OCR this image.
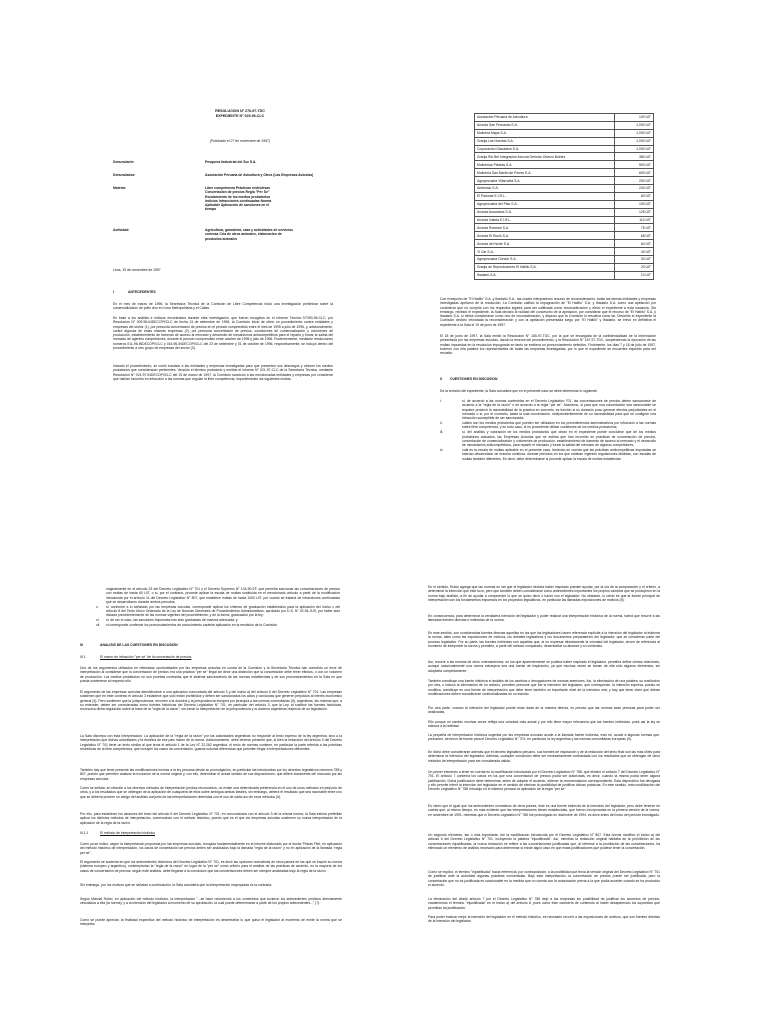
RESOLUCION N° 276-97-TDC
EXPEDIENTE N° 029-96-CLC
(Publicado el 27 de noviembre de 1997)
Denunciante:	Pesquera Industrial del Sur S.A.
Denunciados:	Asociación Peruana de Avicultura y Otros (Las Empresas Avícolas)
Materia:	Libre competencia Prácticas restrictivas Concertación de precios Regla "Per Se" Escalamiento de los medios probatorios Indicios Infracciones continuadas Norma Aplicable Aplicación de sanciones en el tiempo
Actividad:	Agricultura, ganadería, caza y actividades de servicios conexas Cría de otros animales, elaboración de productos animales
Lima, 19 de noviembre de 1997
I	ANTECEDENTES
En el mes de marzo de 1996, la Secretaría Técnica de la Comisión de Libre Competencia inició una investigación preliminar sobre la comercialización de pollo vivo en Lima Metropolitana y el Callao.
En base a los análisis e indicios encontrados durante esta investigación, que fueron recogidos en el Informe Técnico N°090-96-CLC, por Resolución N° 009-96-INDECOPI/CLC de fecha 13 de setiembre de 1996, la Comisión inició de oficio un procedimiento contra entidades y empresas del sector (1), por presunta concertación de precios en el periodo comprendido entre el mes de 1995 a julio de 1996, y, adicionalmente, contra algunas de estas mismas empresas (2), por presunta concertación de precios, condiciones de comercialización y volúmenes de producción, establecimiento de barreras de acceso al mercado y desarrollo de mecanismos anticompetitivos para el reparto y forzar la salida del mercado de agentes competidores, durante el periodo comprendido entre octubre de 1995 y julio de 1996. Posteriormente, mediante resoluciones números 011-96-INDECOPI/CLC y 015-96-INDECOPI/CLC del 23 de setiembre y 01 de octubre de 1996, respectivamente, se incluyó dentro del procedimiento a otro grupo de empresas del sector (3).
Iniciado el procedimiento, se corrió traslado a las entidades y empresas investigadas para que presenten sus descargos y ofrecen los medios probatorios que consideraran pertinentes. Vencido el término probatorio y emitido el Informe N° 021-97-CLC de la Secretaría Técnica, mediante Resolución N° 021-97-INDECOPI/CLC del 19 de marzo de 1997, la Comisión sancionó a las mencionadas entidades y empresas por considerar que habían incurrido en infracción a las normas que regulan la libre competencia, imponiéndoles las siguientes multas.
Asociación Peruana de Avicultura	100 UIT
Avícola San Fernando S.A.	1,000 UIT
Molinera Mapa S.A.	1,000 UIT
Granja Las Huertas S.A.	1,000 UIT
Corporación Gasolatos S.A.	1,000 UIT
Granja Rio Bel Integración Avícola Germán Orbezo Bulnes	384 UIT
Molinerías Piedras S.A.	500 UIT
Molinería San Martín de Porres S.A.	600 UIT
Agropecuaria Villarrubia S.A.	200 UIT
Ambrosio S.A.	240 UIT
El Palomar E.I.R.L.	60 UIT
Agropecuaria del Pilar S.A.	100 UIT
Avícola Asociados S.A.	125 UIT
Avícola Galeta E.I.R.L.	110 UIT
Avícola Rosman S.A.	75 UIT
Avícola El Roció S.A.	68 UIT
Avícola del Norte S.A.	64 UIT
Yl Car S.A.	40 UIT
Agropecuaria Cóndor S.A.	30 UIT
Granja de Reproductores El Hatillo S.A.	20 UIT
Ibadarlo S.A.	10 UIT
Con excepción de "El Hatillo" S.A. y Ibadarlo S.A., las cuales interpusieron recurso de reconsideración, todas las demás entidades y empresas investigadas apelaron de la resolución. La Comisión calificó la impugnación de "El Hatillo" S.A. y Ibadarlo S.A. como una apelación por considerar que no cumplía con los requisitos legales para ser calificada como reconsideración y elevó el expediente a esta instancia. Sin embargo, recibido el expediente, la Sala declaró la nulidad del concesorio de la apelación, por considerar que el recurso de "El Hatillo" S.A. y Ibadarlo S.A. sí debía considerarse como uno de reconsideración, y dispuso que la Comisión lo resuelva como tal. Devuelto el expediente la Comisión declaró infundada la reconsideración y con la apelación presentada luego por "El Hatillo" y Ibadarlo, se elevó en definitiva el expediente a la Sala el 19 de junio de 1997.
El 18 de junio de 1997, la Sala emitió la Resolución N° 165-97-TDC, por la que se encargaba de la confidencialidad de la información presentada por las empresas avícolas, dando la reserva del procedimiento, y la Resolución N° 167-97-TDC, suspendiendo la ejecución de las multas impuestas en la resolución impugnada en tanto se emitiera un pronunciamiento definitivo. Finalmente, los días 7 y 16 de julio de 1997, tuvieron con ella palabra los representantes de todas las empresas investigadas, por lo que el expediente se encuentra expedito para ser resuelto.
II CUESTIONES EN DISCUSION
De la revisión del expediente, la Sala considera que en el presente caso se debe determinar lo siguiente:
i.	si, de acuerdo a las normas contenidas en el Decreto Legislativo 701, las concertaciones de precios deben sancionarse de acuerdo a la "regla de la razón" o de acuerdo a la regla "per se". Asimismo, si para que una concertación sea sancionable se requiere producir la razonabilidad de la práctica en concreto, es función si su duración puso generar efectos perjudiciales en el mercado o si, por el contrario, basta la sola concertación, independientemente de su razonabilidad para que se configure una infracción susceptible de ser sancionada;
ii.	cuáles son los medios probatorios que pueden ser utilizados en los procedimientos administrativos por infracción a las normas sobre libre competencia, y en todo caso, si es procedente utilizar cuestiones de los medios probatorios;
iii.	si, del análisis y valoración de los medios probatorios que obran en el expediente puede concluirse que de los medios probatorios actuados, las Empresas Avícolas que se estima que han incurrido en prácticas de concertación de precios, concertación de comercialización y volúmenes de producción, establecimiento de barreras de acceso al mercado y el desarrollo de mecanismos anticompetitivos, para repartir el mercado y forzar la salida del mercado de algunos competidores;
iv.	cuál es la escala de multas aplicable en el presente caso, teniendo en cuenta que las prácticas anticompetitivas imputadas se habrían desarrollado de manera continua, durante períodos en los que estaban vigentes regulaciones distintas, con escalas de multas también diferentes. Es decir, debe determinarse si procede aplicar la escala de multas establecida
originalmente en el artículo 23 del Decreto Legislativo N° 701 y el Decreto Supremo N° 134-90-EF, que permitía sancionar las concertaciones de precios con multas de hasta 60 UIT, o si, por el contrario, procede aplicar la escala de multas sustituida en el mencionado artículo a partir de la modificación introducida por el artículo 11 del Decreto Legislativo N° 807, que establece multas de hasta 1000 UIT, por cuanto se trataría de infracciones continuadas que se desarrollaron durante ambos periodos;
v.	si, conforme a lo señalado por las empresas avícolas, corresponde aplicar los criterios de graduación establecidos para la aplicación del inciso c del artículo 8 del Texto Único Ordenado de la Ley de Normas Generales de Procedimientos Administrativos, aprobado por D.S. N° 02-94-JUS, por haber sido dictada precedentemente de las normas vigentes del procedimiento, y de la forma, graduación por la ley;
vi.	si, de ser el caso, las sanciones impuestas han sido graduadas de manera adecuada; y
vii.	si corresponde confirmar los pronunciamientos de conocimiento cautelar aplicación en la emulsión de la Comisión.
III	ANALISIS DE LAS CUESTIONES EN DISCUSION
III.1	El marco de infracción "per se" de la concertación de precios
Uno de los argumentos utilizados en reiteradas oportunidades por las empresas avícolas en contra de la Comisión y la Secretaría Técnica han cometido un error de interpretación al considerar que la concertación de precios era una práctica "per se" ilegal sin decir una distinción que la concertación debe tener efectos, o con un volumen de producción. Los medios probatorios no son pruebas contrarias que el sistema sancionatorio de las normas establecidas y de sus pronunciamientos en la Sala en que pueda sostenerse al respecto ello.
El argumento de las empresas avícolas atendiéndose a una aplicación concordada del artículo 3 y del inciso a) del artículo 6 del Decreto Legislativo N° 701. Las empresas sostienen que en este contexto el artículo 3 establece que sólo están prohibidos y deben ser sancionados los actos y conductas que generen perjuicios al interés económico general (4). Pero sostienen que la jurisprudencia, recurren a la doctrina y la jurisprudencia europea por jerarquía a las normas comunitarias (5), argentinas, las mismas que, a su entender, deben ser consideradas como fuentes históricas del Decreto Legislativo N° 701, en particular del artículo 3, que la Ley, al sustituir las fuentes históricas, reconozca dicha regulación sobre la base de la "regla de la razón", sin tomar la interpretación de la jurisprudencia y la doctrina argentinas respecto de su legislación.
La Sala discrepa con esta interpretación. La aplicación de la "regla de la razón" por las autoridades argentinas no responde al texto expreso de la ley argentina, sino a la interpretación que dichas autoridades y la doctrina de ese país hacen de la norma. Adicionalmente, debe tenerse presente que, si bien la redacción del artículo 3 del Decreto Legislativo N° 701 tiene un texto similar al que tenía el artículo 1 de la Ley N° 22.262 argentina, el resto de normas contiene, en particular la parte referida a las prácticas restrictivas de la libre competencia, que incluyen los casos de concertación, guarda notorias diferencias que permiten llegar a interpretaciones diferentes.
También hay que tener presente las modificaciones hechas a la ley peruana desde su promulgación, en particular las introducidas por los decretos legislativos números 788 y 807, puesto que permiten analizar la evolución de la norma original y, con ello, determinar el actual sentido de sus disposiciones, que difiere claramente del invocado por las empresas avícolas.
Como se señala, en relación a los diversos métodos de interpretación jurídica reconocidos, no existe una determinada preferencia en el uso de unos métodos en perjuicio de otros, y a los resultados que se obtengan de la aplicación de cualquiera de ellos sobre ambigua ambas ideales, sin embargo, deberá el resultado que sea razonable entre uno que se debería proveer un abrigo del análisis conjunto de las interpretaciones obtenidas con el uso de cada uno de esos métodos (6).
Por ello, para establecer los alcances del texto del artículo 6 del Decreto Legislativo N° 701, en concordancia con el artículo 3 de la misma norma, la Sala estima preferible aplicar los distintos métodos de interpretación, comenzando con el método histórico, puesto que es el que los empresas avícolas sostienen su nueva interpretación de la aplicación de la regla de la razón.
III.1.1	El método de interpretación histórico
Como ya se indicó, según la interpretación propuesta por las empresas avícolas, recogida fundamentalmente en el informe elaborado por el doctor Pinkas Flint, en aplicación del método histórico de interpretación, los casos de concertación de precios deben ser analizados bajo la llamada "regla de la razón" y no en aplicación de la llamada "regla per se".
El argumento se sustenta en que los antecedentes históricos del Decreto Legislativo N° 701, es decir las opciones normativas de otros países en las que se inspiró su norma (sistema europeo y argentino), contemplarían la "regla de la razón" en lugar de la "per se" como criterio para el análisis de las prácticas de acuerdo, en la mayoría de los casos de concertación de precios; según este análisis, debe llegarse a la conclusión que las concertaciones deben ser siempre analizadas bajo la regla de la razón.
Sin embargo, por los motivos que se señalan a continuación, la Sala considera que la interpretación inapropiada es la contraria.
Según Marcial Rubio, en aplicación del método histórico, la interpretación "...se hace recurriendo a los contenidos que tuvieron los antecedentes jurídicos directamente vinculados a ella (la norma), y a la intención del legislador al momento de su aprobación, la cual puede determinarse a partir de los propios antecedentes..." (7).
Como se puede apreciar, la finalidad específica del método histórico de interpretación es desentrañar lo que quiso el legislador al momento de emitir la norma que se interpreta.
En el sentido, Rubio agrega que las normas en las que el legislador declara haber inspirado pueden ayudar, por la vía de la comparación y el criterio, a determinar la intención que éste tuvo; pero que también deben considerarse como antecedentes importantes los propios cambios que se produjeron en la norma bajo análisis, a fin de ayudar a comprender lo que se quiso decir o hacer con el legislador. No obstante, lo cierto es que la fuente principal de interpretación son los fundamentos expuestos en los proyectos legislativos, en particular las llamadas exposiciones de motivos (8).
En consecuencia, para determinar la verdadera intención del legislador y poder realizar una interpretación histórica de la norma, habrá que recurrir a las llamadas fuentes directas e indirectas de la norma.
En este sentido, son consideradas fuentes directas aquellas en las que los legisladores hacen referencia explícita a la intención del legislador al elaborar la norma, tales como las exposiciones de motivos, los debates legislativos y los documentos preparatorios del legislador, que se consideran parte del proceso legislativo. Por su parte, las fuentes indirectas son aquellas que, al no expresar directamente la voluntad del legislador, sirven de referencia al momento de interpretar la norma y permiten, a partir del método comparado, desentrañar su alcance y su contenido.
Así, recurrir a las normas de otros ordenamientos, en los que aparentemente se pudiera haber inspirado el legislador, permitirá definir ciertas relaciones, aunque ocasionalmente una norma extranjera sea una fuente de inspiración, ya que muchas veces se toman de ella sólo algunos elementos, sin adoptarla completamente.
También constituye una fuente histórica el análisis de los cambios o derogaciones de normas anteriores. Así, la eliminación de una palabra, su sustitución por otra, o incluso la eliminación de un artículo, permiten presumir que fue la intención del legislador, que corresponde, la intención expresa, puesto se modifica, constituye en una fuente de interpretación que debe tener también un importante nivel de la intención real, y hay que tener claro que dichas modificaciones deben considerarse contextualizadas en su estudio.
Por otra parte, cuando la intención del legislador puede estar dada de la manera directa, es preciso que las normas sean precisas para poder ser analizadas.
Ello porque un cambio muchas veces refleja una voluntad más actual y por ello tiene mayor relevancia que las fuentes indirectas, pues así la ley se adecua a la realidad.
La pequeña de interpretación histórica sugerida por las empresas avícolas acude a la llamada fuente indirecta, esto es, acude a algunas normas que, presumen, sirvieron de fuente para el Decreto Legislativo N° 701: en particular, la ley argentina y las normas comunitarias europeas (9).
En dicho debe considerarse además que el decreto legislativo peruano, sus fuentes de inspiración y de la redacción del texto final son las más útiles para determinar la intención del legislador. Además, cualquier conclusión debe ser necesariamente contrastada con los resultados que se obtengan de otros métodos de interpretación para ser considerada válida.
Un primer elemento a tener en cuenta es la modificación introducida por el Decreto Legislativo N° 788, que eliminó el artículo 7 del Decreto Legislativo N° 701. El artículo 7 contenía los casos en los que una concertación de precios podía ser autorizada, es decir, cuando la misma podía tener alguna justificación. Dicha justificación debe determinar, antes de adoptar el acuerdo, obtener la recomendación correspondiente. Esta disposición fue derogada y ello permite inferir la intención del legislador en el sentido de eliminar la posibilidad de justificar dichas prácticas. En este sentido, esta modificación del Decreto Legislativo N° 788 introdujo en el sistema peruano la aplicación de la regla "per se".
Es cierto que el igual que los antecedentes normativos de otros países, éste es una fuente indirecta de la intención del legislador, pero debe tenerse en cuenta que, al mismo tiempo, es más evidente que las interpretaciones tienen establecidas, que fueron incorporadas en la primera versión de la norma, en noviembre de 1991, mientras que el Decreto Legislativo N° 788 fue promulgado en diciembre de 1994, es decir antes del inicio del periodo investigado.
Un segundo elemento, tan o más importante, fue la modificación introducida por el Decreto Legislativo N° 807. Esta norma modificó el inciso a) del artículo 6 del Decreto Legislativo N° 701, incluyendo la palabra "injustificada". Así, mientras la redacción original hablaba de la prohibición de las concertaciones injustificadas, la nueva redacción se refiere a las concertaciones justificadas que, al referirse a la prohibición de las concertaciones, ha eliminado un elemento de análisis necesario para determinar si existe algún caso en que estas justificaciones que pudiese tener la concertación.
Como se explicó, el término "injustificada" hacía referencia, por contraposición, a la posibilidad que tenía la versión original del Decreto Legislativo N° 701 de justificar ante la autoridad algunas prácticas concertadas. Bajo esta interpretación, la concertación de precios puede ser justificada, pero la concertación que no es justificada es sancionable en la medida que no cuenta con la autorización previa a la que podía acceder cuando se ha producido el acuerdo.
La eliminación del citado artículo 7 por el Decreto Legislativo N° 788 dejó a las empresas sin posibilidad de justificar los acuerdos de precios, manteniendo el término "injustificada" en el inciso a) del artículo 6, pues como éste carecería de contenido al haber desaparecido los supuestos que permitían tal justificación.
Para poder evaluar mejor la intención del legislador en el método histórico, es necesario recurrir a las exposiciones de motivos, que son fuentes directas de la intención del legislador.
